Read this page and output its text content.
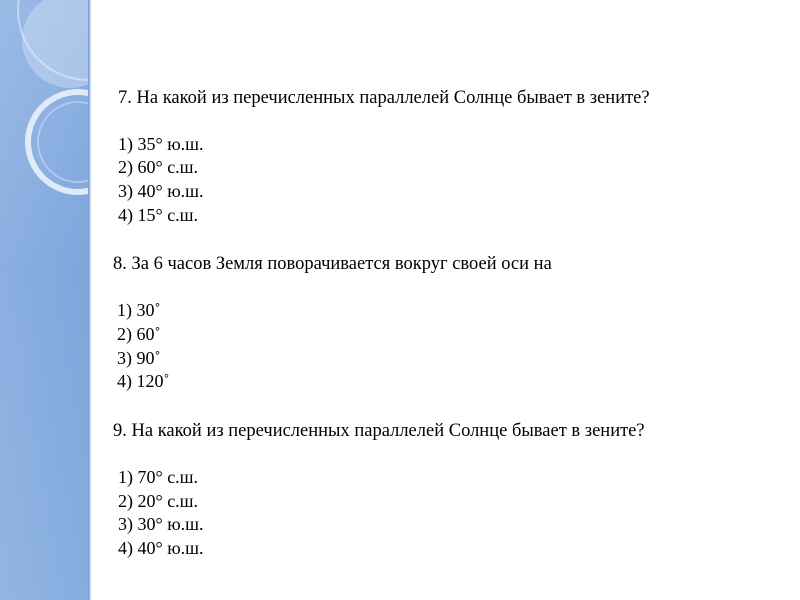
7. На какой из перечисленных параллелей Солнце бывает в зените?
1) 35° ю.ш.
2) 60° с.ш.
3) 40° ю.ш.
4) 15° с.ш.
8. За 6 часов Земля поворачивается вокруг своей оси на
1) 30˚
2) 60˚
3) 90˚
4) 120˚
9. На какой из перечисленных параллелей Солнце бывает в зените?
1) 70° с.ш.
2) 20° с.ш.
3) 30° ю.ш.
4) 40° ю.ш.
